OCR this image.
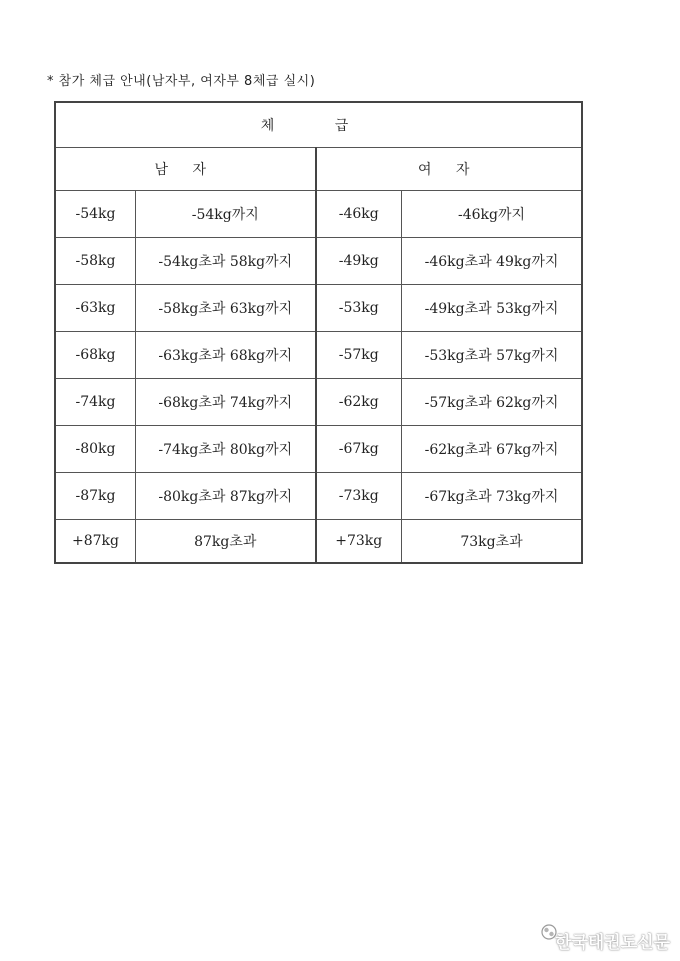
* 참가 체급 안내(남자부, 여자부 8체급 실시)
체 급			
남 자		여 자	
-54kg	-54kg까지	-46kg	-46kg까지
-58kg	-54kg초과 58kg까지	-49kg	-46kg초과 49kg까지
-63kg	-58kg초과 63kg까지	-53kg	-49kg초과 53kg까지
-68kg	-63kg초과 68kg까지	-57kg	-53kg초과 57kg까지
-74kg	-68kg초과 74kg까지	-62kg	-57kg초과 62kg까지
-80kg	-74kg초과 80kg까지	-67kg	-62kg초과 67kg까지
-87kg	-80kg초과 87kg까지	-73kg	-67kg초과 73kg까지
+87kg	87kg초과	+73kg	73kg초과
한국태권도신문
